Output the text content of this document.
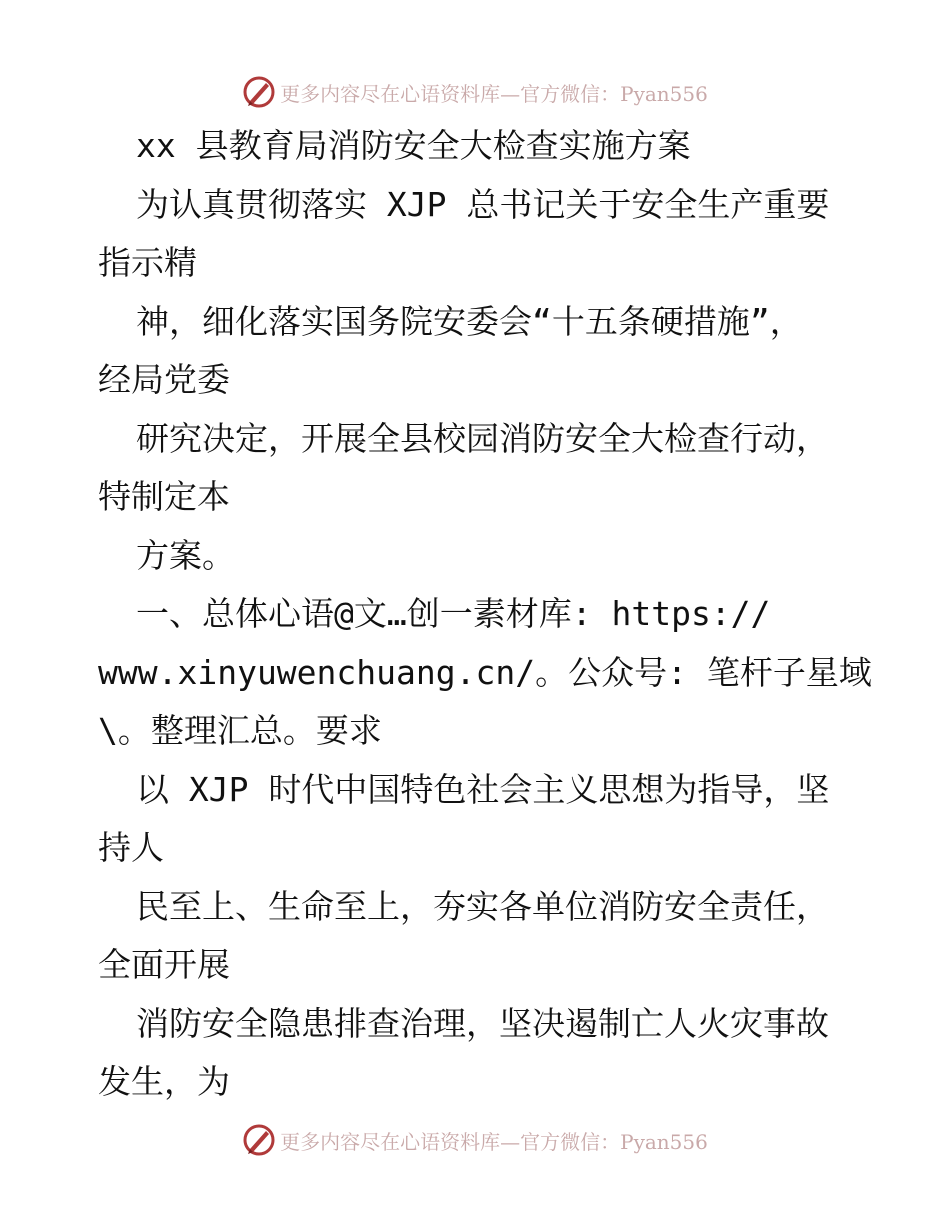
更多内容尽在心语资料库—官方微信：Pyan556
xx 县教育局消防安全大检查实施方案
为认真贯彻落实 XJP 总书记关于安全生产重要
指示精
神，细化落实国务院安委会“十五条硬措施”，
经局党委
研究决定，开展全县校园消防安全大检查行动，
特制定本
方案。
一、总体心语@文…创一素材库: https://
www.xinyuwenchuang.cn/。公众号: 笔杆子星域
\。整理汇总。要求
以 XJP 时代中国特色社会主义思想为指导，坚
持人
民至上、生命至上，夯实各单位消防安全责任，
全面开展
消防安全隐患排查治理，坚决遏制亡人火灾事故
发生，为
更多内容尽在心语资料库—官方微信：Pyan556
